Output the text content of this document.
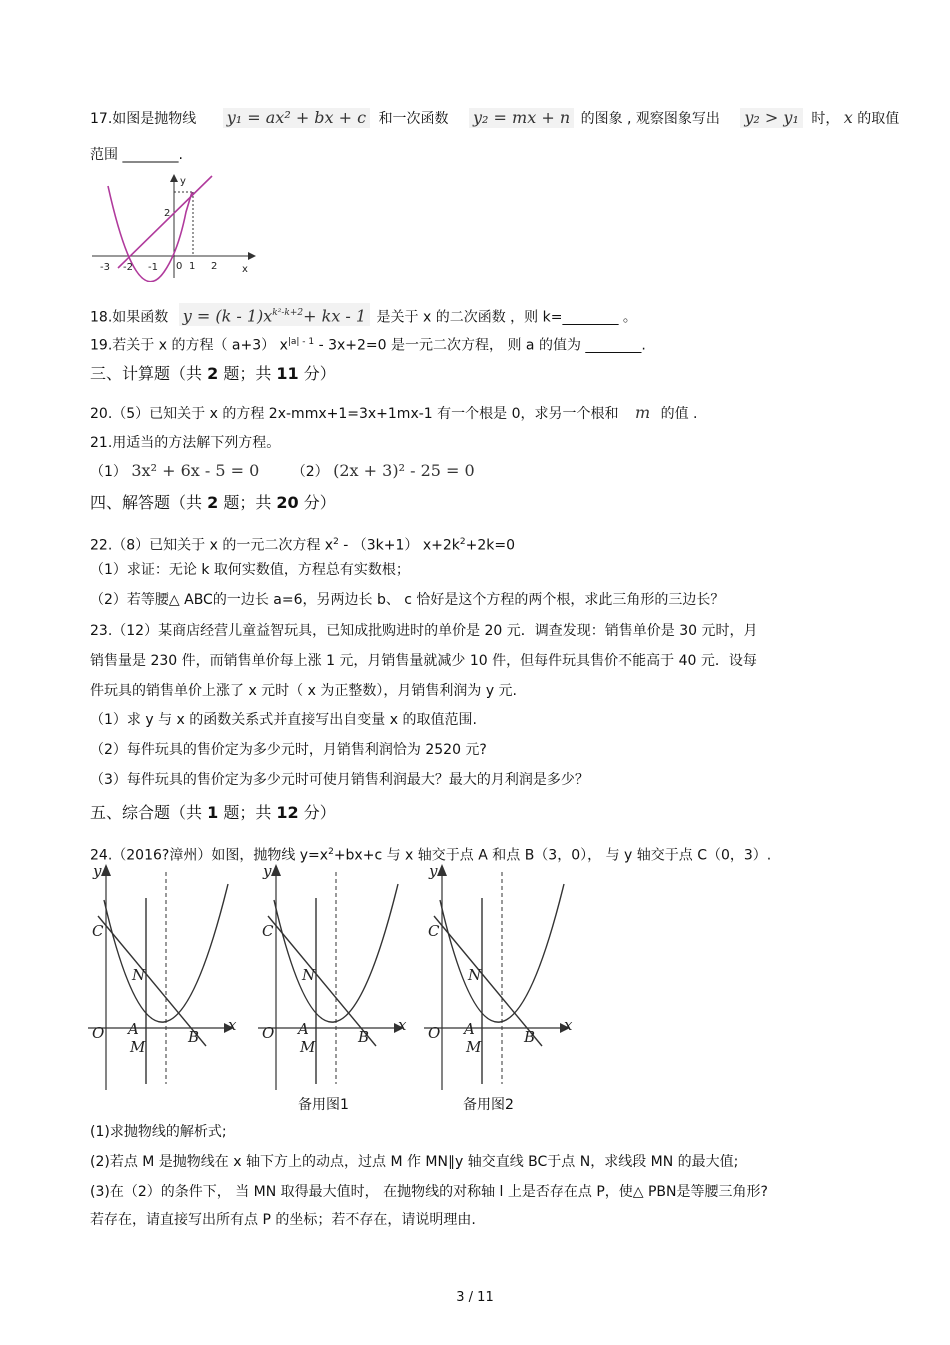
17.如图是抛物线 y₁ = ax² + bx + c 和一次函数 y₂ = mx + n 的图象 , 观察图象写出 y₂ > y₁ 时， x 的取值
范围 ________.
-3 -2 -1 0 1 2
2
y
x
18.如果函数 $y = (k - 1)x^{k^2-k+2}+$ kx - 1 是关于 x 的二次函数 ，则 k=________ 。
19.若关于 x 的方程（ a+3） $x^{|a| - 1} - 3x+2=0$ 是一元二次方程， 则 a 的值为 ________.
三、计算题（共 2 题；共 11 分）
20.（5）已知关于 x 的方程 2x-mmx+1=3x+1mx-1 有一个根是 0，求另一个根和 m 的值 .
21.用适当的方法解下列方程。
（1） 3x² + 6x - 5 = 0 （2） (2x + 3)² - 25 = 0
四、解答题（共 2 题；共 20 分）
22.（8）已知关于 x 的一元二次方程 $x^2 - (3k+1)$ $x+2k^2+2k=0$
（1）求证：无论 k 取何实数值，方程总有实数根；
（2）若等腰△ ABC的一边长 a=6，另两边长 b、 c 恰好是这个方程的两个根，求此三角形的三边长？
23.（12）某商店经营儿童益智玩具，已知成批购进时的单价是 20 元．调查发现：销售单价是 30 元时，月
销售量是 230 件，而销售单价每上涨 1 元，月销售量就减少 10 件，但每件玩具售价不能高于 40 元．设每
件玩具的销售单价上涨了 x 元时（ x 为正整数），月销售利润为 y 元.
（1）求 y 与 x 的函数关系式并直接写出自变量 x 的取值范围.
（2）每件玩具的售价定为多少元时，月销售利润恰为 2520 元?
（3）每件玩具的售价定为多少元时可使月销售利润最大？最大的月利润是多少？
五、综合题（共 1 题；共 12 分）
24.（2016?漳州）如图，抛物线 $y=x^2+bx+c$ 与 x 轴交于点 A 和点 B（3，0）， 与 y 轴交于点 C（0，3）.
y
C
N
O A
M
B
x
y
C
N
O A
M
B
x
y
C
N
O A
M
B
x
备用图1	备用图2
(1)求抛物线的解析式;
(2)若点 M 是抛物线在 x 轴下方上的动点，过点 M 作 MN∥y 轴交直线 BC于点 N，求线段 MN 的最大值;
(3)在（2）的条件下， 当 MN 取得最大值时， 在抛物线的对称轴 l 上是否存在点 P，使△ PBN是等腰三角形?
若存在，请直接写出所有点 P 的坐标；若不存在，请说明理由.
3 / 11
